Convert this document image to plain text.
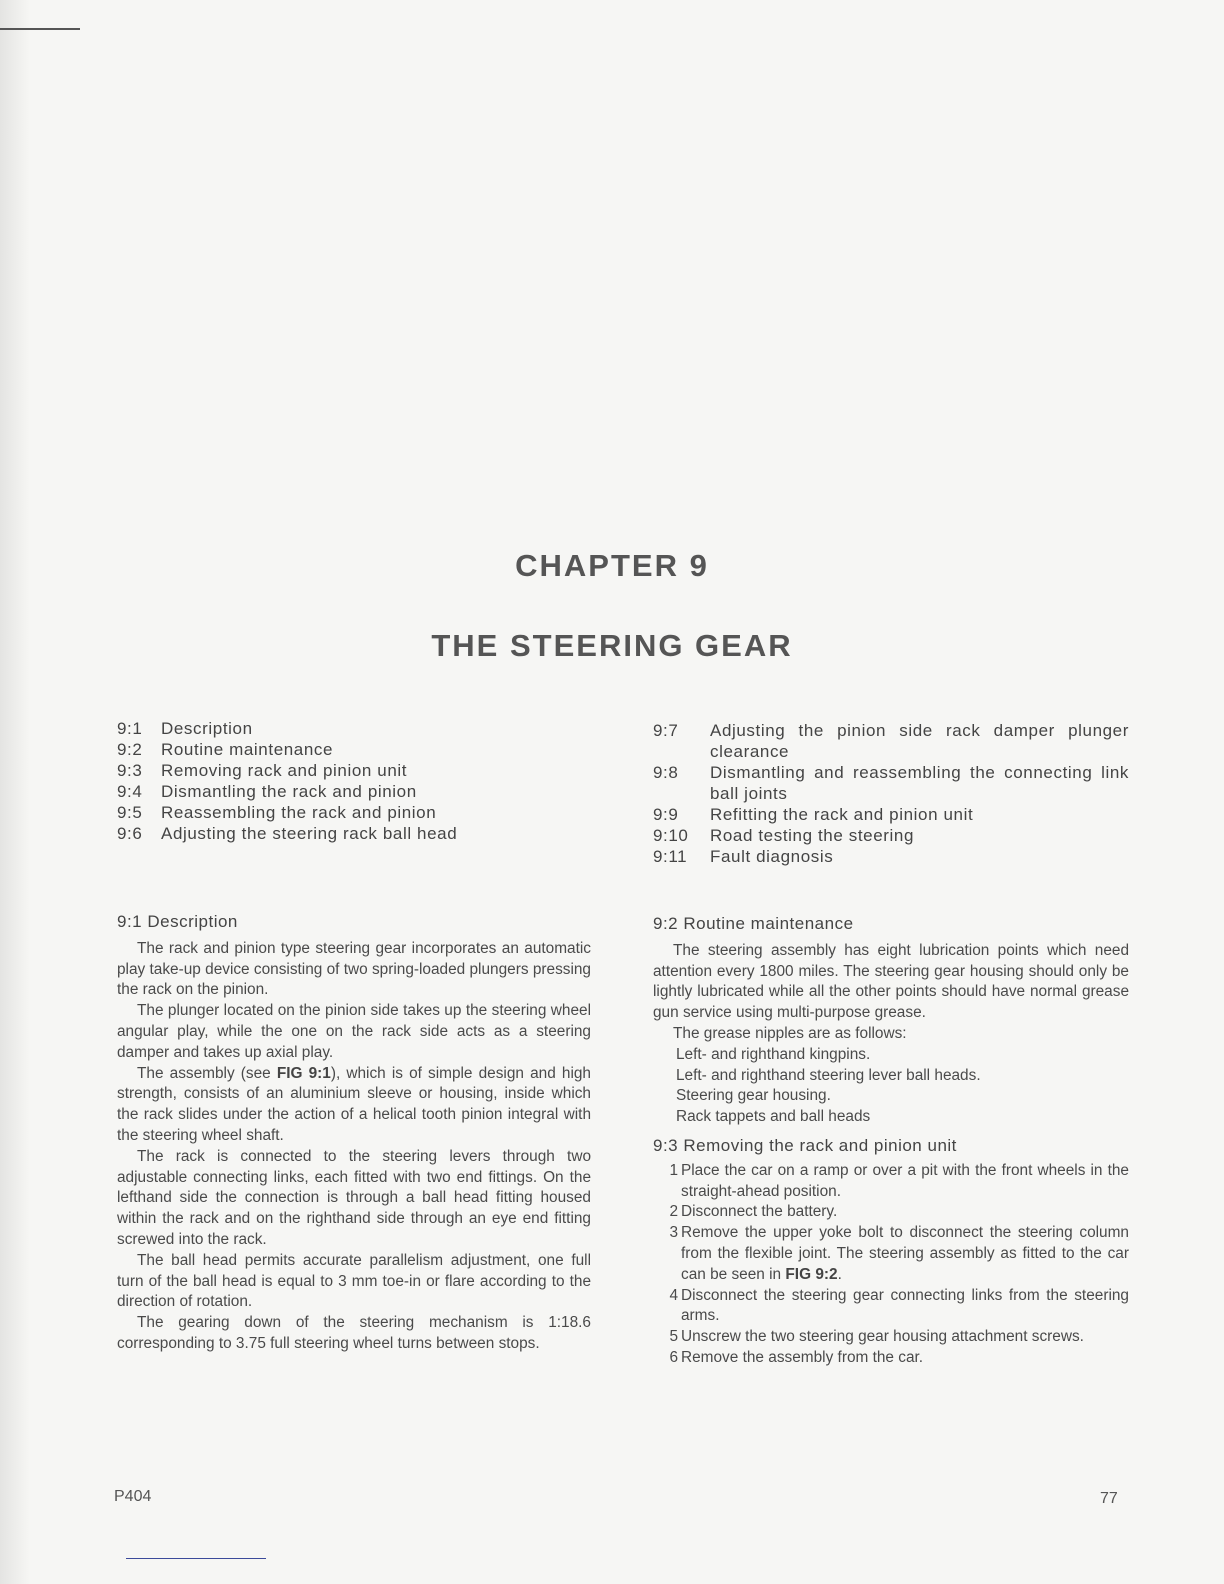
CHAPTER 9
THE STEERING GEAR
9:1	Description
9:2	Routine maintenance
9:3	Removing rack and pinion unit
9:4	Dismantling the rack and pinion
9:5	Reassembling the rack and pinion
9:6	Adjusting the steering rack ball head
9:7	Adjusting the pinion side rack damper plunger clearance
9:8	Dismantling and reassembling the connecting link ball joints
9:9	Refitting the rack and pinion unit
9:10	Road testing the steering
9:11	Fault diagnosis
9:1 Description

The rack and pinion type steering gear incorporates an automatic play take-up device consisting of two spring-loaded plungers pressing the rack on the pinion.

The plunger located on the pinion side takes up the steering wheel angular play, while the one on the rack side acts as a steering damper and takes up axial play.

The assembly (see FIG 9:1), which is of simple design and high strength, consists of an aluminium sleeve or housing, inside which the rack slides under the action of a helical tooth pinion integral with the steering wheel shaft.

The rack is connected to the steering levers through two adjustable connecting links, each fitted with two end fittings. On the lefthand side the connection is through a ball head fitting housed within the rack and on the righthand side through an eye end fitting screwed into the rack.

The ball head permits accurate parallelism adjustment, one full turn of the ball head is equal to 3 mm toe-in or flare according to the direction of rotation.

The gearing down of the steering mechanism is 1:18.6 corresponding to 3.75 full steering wheel turns between stops.

9:2 Routine maintenance

The steering assembly has eight lubrication points which need attention every 1800 miles. The steering gear housing should only be lightly lubricated while all the other points should have normal grease gun service using multi-purpose grease.

The grease nipples are as follows:

Left- and righthand kingpins.

Left- and righthand steering lever ball heads.

Steering gear housing.

Rack tappets and ball heads

9:3 Removing the rack and pinion unit
1 Place the car on a ramp or over a pit with the front wheels in the straight-ahead position.
2 Disconnect the battery.
3 Remove the upper yoke bolt to disconnect the steering column from the flexible joint. The steering assembly as fitted to the car can be seen in FIG 9:2.
4 Disconnect the steering gear connecting links from the steering arms.
5 Unscrew the two steering gear housing attachment screws.
6 Remove the assembly from the car.
P404	77
